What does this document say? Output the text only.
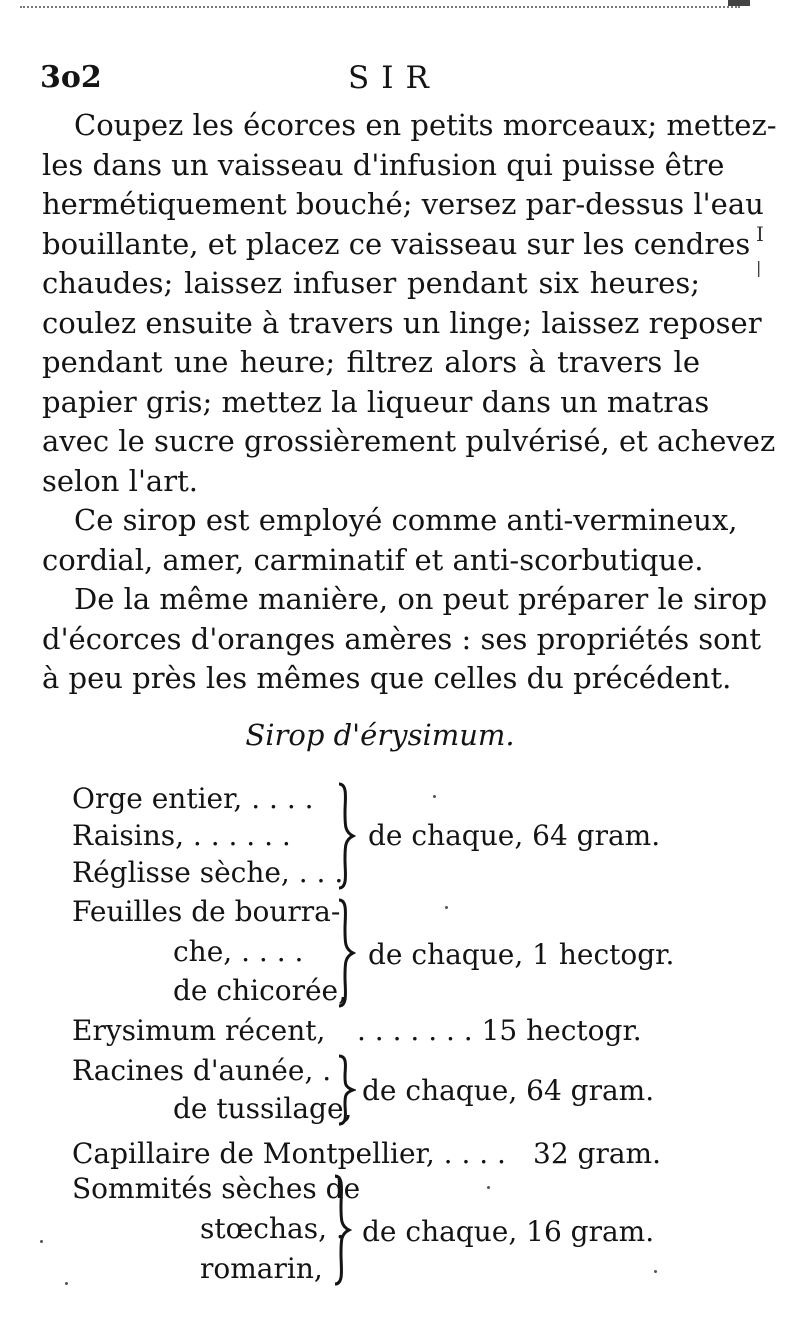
3o2	SIR
Coupez les écorces en petits morceaux; mettez-
les dans un vaisseau d'infusion qui puisse être
hermétiquement bouché; versez par-dessus l'eau
bouillante, et placez ce vaisseau sur les cendres
chaudes; laissez infuser pendant six heures;
coulez ensuite à travers un linge; laissez reposer
pendant une heure; filtrez alors à travers le
papier gris; mettez la liqueur dans un matras
avec le sucre grossièrement pulvérisé, et achevez
selon l'art.
Ce sirop est employé comme anti-vermineux,
cordial, amer, carminatif et anti-scorbutique.
De la même manière, on peut préparer le sirop
d'écorces d'oranges amères : ses propriétés sont
à peu près les mêmes que celles du précédent.
Sirop d'érysimum.
Orge entier, . . . .
Raisins, . . . . . .
Réglisse sèche, . . .
de chaque, 64 gram.
Feuilles de bourra-
che, . . . .
de chicorée,
de chaque, 1 hectogr.
Erysimum récent, . . . . . . . 15 hectogr.
Racines d'aunée, .
de tussilage,
de chaque, 64 gram.
Capillaire de Montpellier, . . . . 32 gram.
Sommités sèches de
stœchas, .
romarin,
de chaque, 16 gram.
I
|
